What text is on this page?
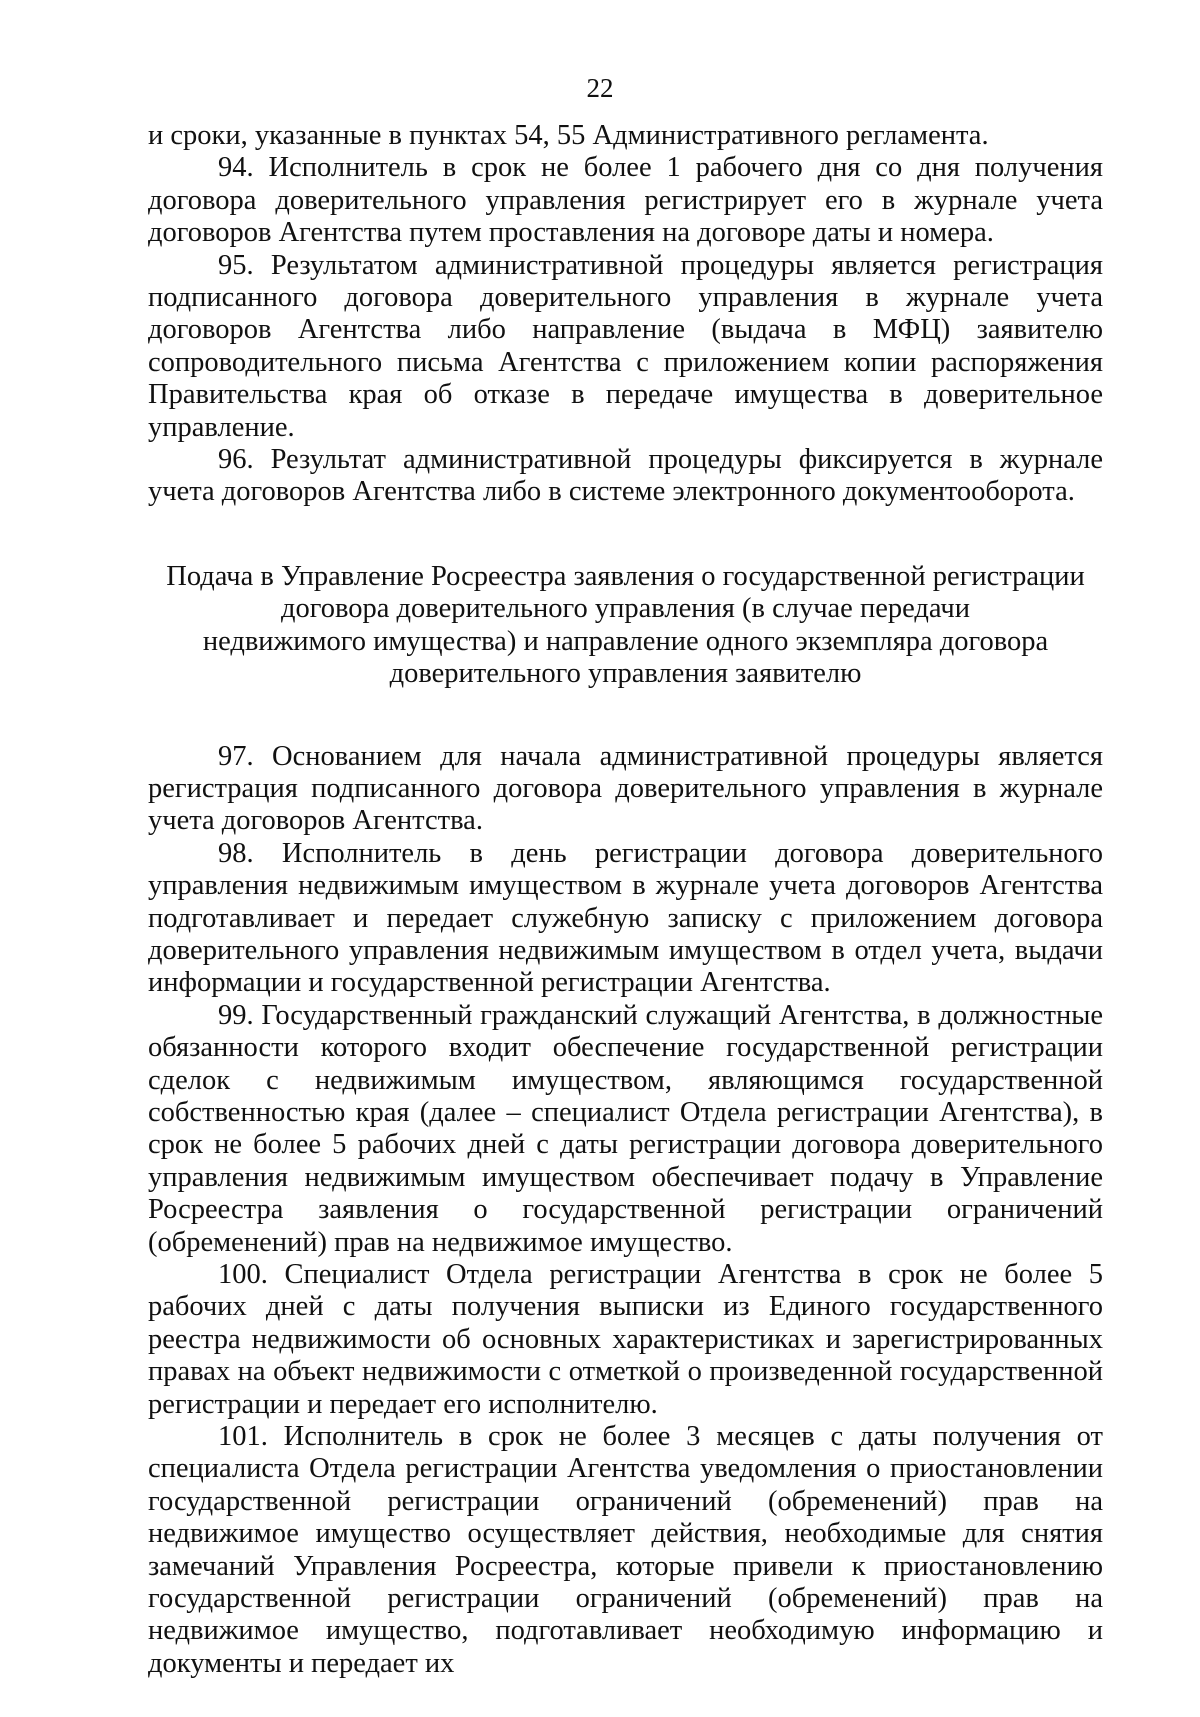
22

и сроки, указанные в пунктах 54, 55 Административного регламента.

94. Исполнитель в срок не более 1 рабочего дня со дня получения договора доверительного управления регистрирует его в журнале учета договоров Агентства путем проставления на договоре даты и номера.

95. Результатом административной процедуры является регистрация подписанного договора доверительного управления в журнале учета договоров Агентства либо направление (выдача в МФЦ) заявителю сопроводительного письма Агентства с приложением копии распоряжения Правительства края об отказе в передаче имущества в доверительное управление.

96. Результат административной процедуры фиксируется в журнале учета договоров Агентства либо в системе электронного документооборота.

Подача в Управление Росреестра заявления о государственной регистрации
договора доверительного управления (в случае передачи
недвижимого имущества) и направление одного экземпляра договора
доверительного управления заявителю

97. Основанием для начала административной процедуры является регистрация подписанного договора доверительного управления в журнале учета договоров Агентства.

98. Исполнитель в день регистрации договора доверительного управления недвижимым имуществом в журнале учета договоров Агентства подготавливает и передает служебную записку с приложением договора доверительного управления недвижимым имуществом в отдел учета, выдачи информации и государственной регистрации Агентства.

99. Государственный гражданский служащий Агентства, в должностные обязанности которого входит обеспечение государственной регистрации сделок с недвижимым имуществом, являющимся государственной собственностью края (далее – специалист Отдела регистрации Агентства), в срок не более 5 рабочих дней с даты регистрации договора доверительного управления недвижимым имуществом обеспечивает подачу в Управление Росреестра заявления о государственной регистрации ограничений (обременений) прав на недвижимое имущество.

100. Специалист Отдела регистрации Агентства в срок не более 5 рабочих дней с даты получения выписки из Единого государственного реестра недвижимости об основных характеристиках и зарегистрированных правах на объект недвижимости с отметкой о произведенной государственной регистрации и передает его исполнителю.

101. Исполнитель в срок не более 3 месяцев с даты получения от специалиста Отдела регистрации Агентства уведомления о приостановлении государственной регистрации ограничений (обременений) прав на недвижимое имущество осуществляет действия, необходимые для снятия замечаний Управления Росреестра, которые привели к приостановлению государственной регистрации ограничений (обременений) прав на недвижимое имущество, подготавливает необходимую информацию и документы и передает их
